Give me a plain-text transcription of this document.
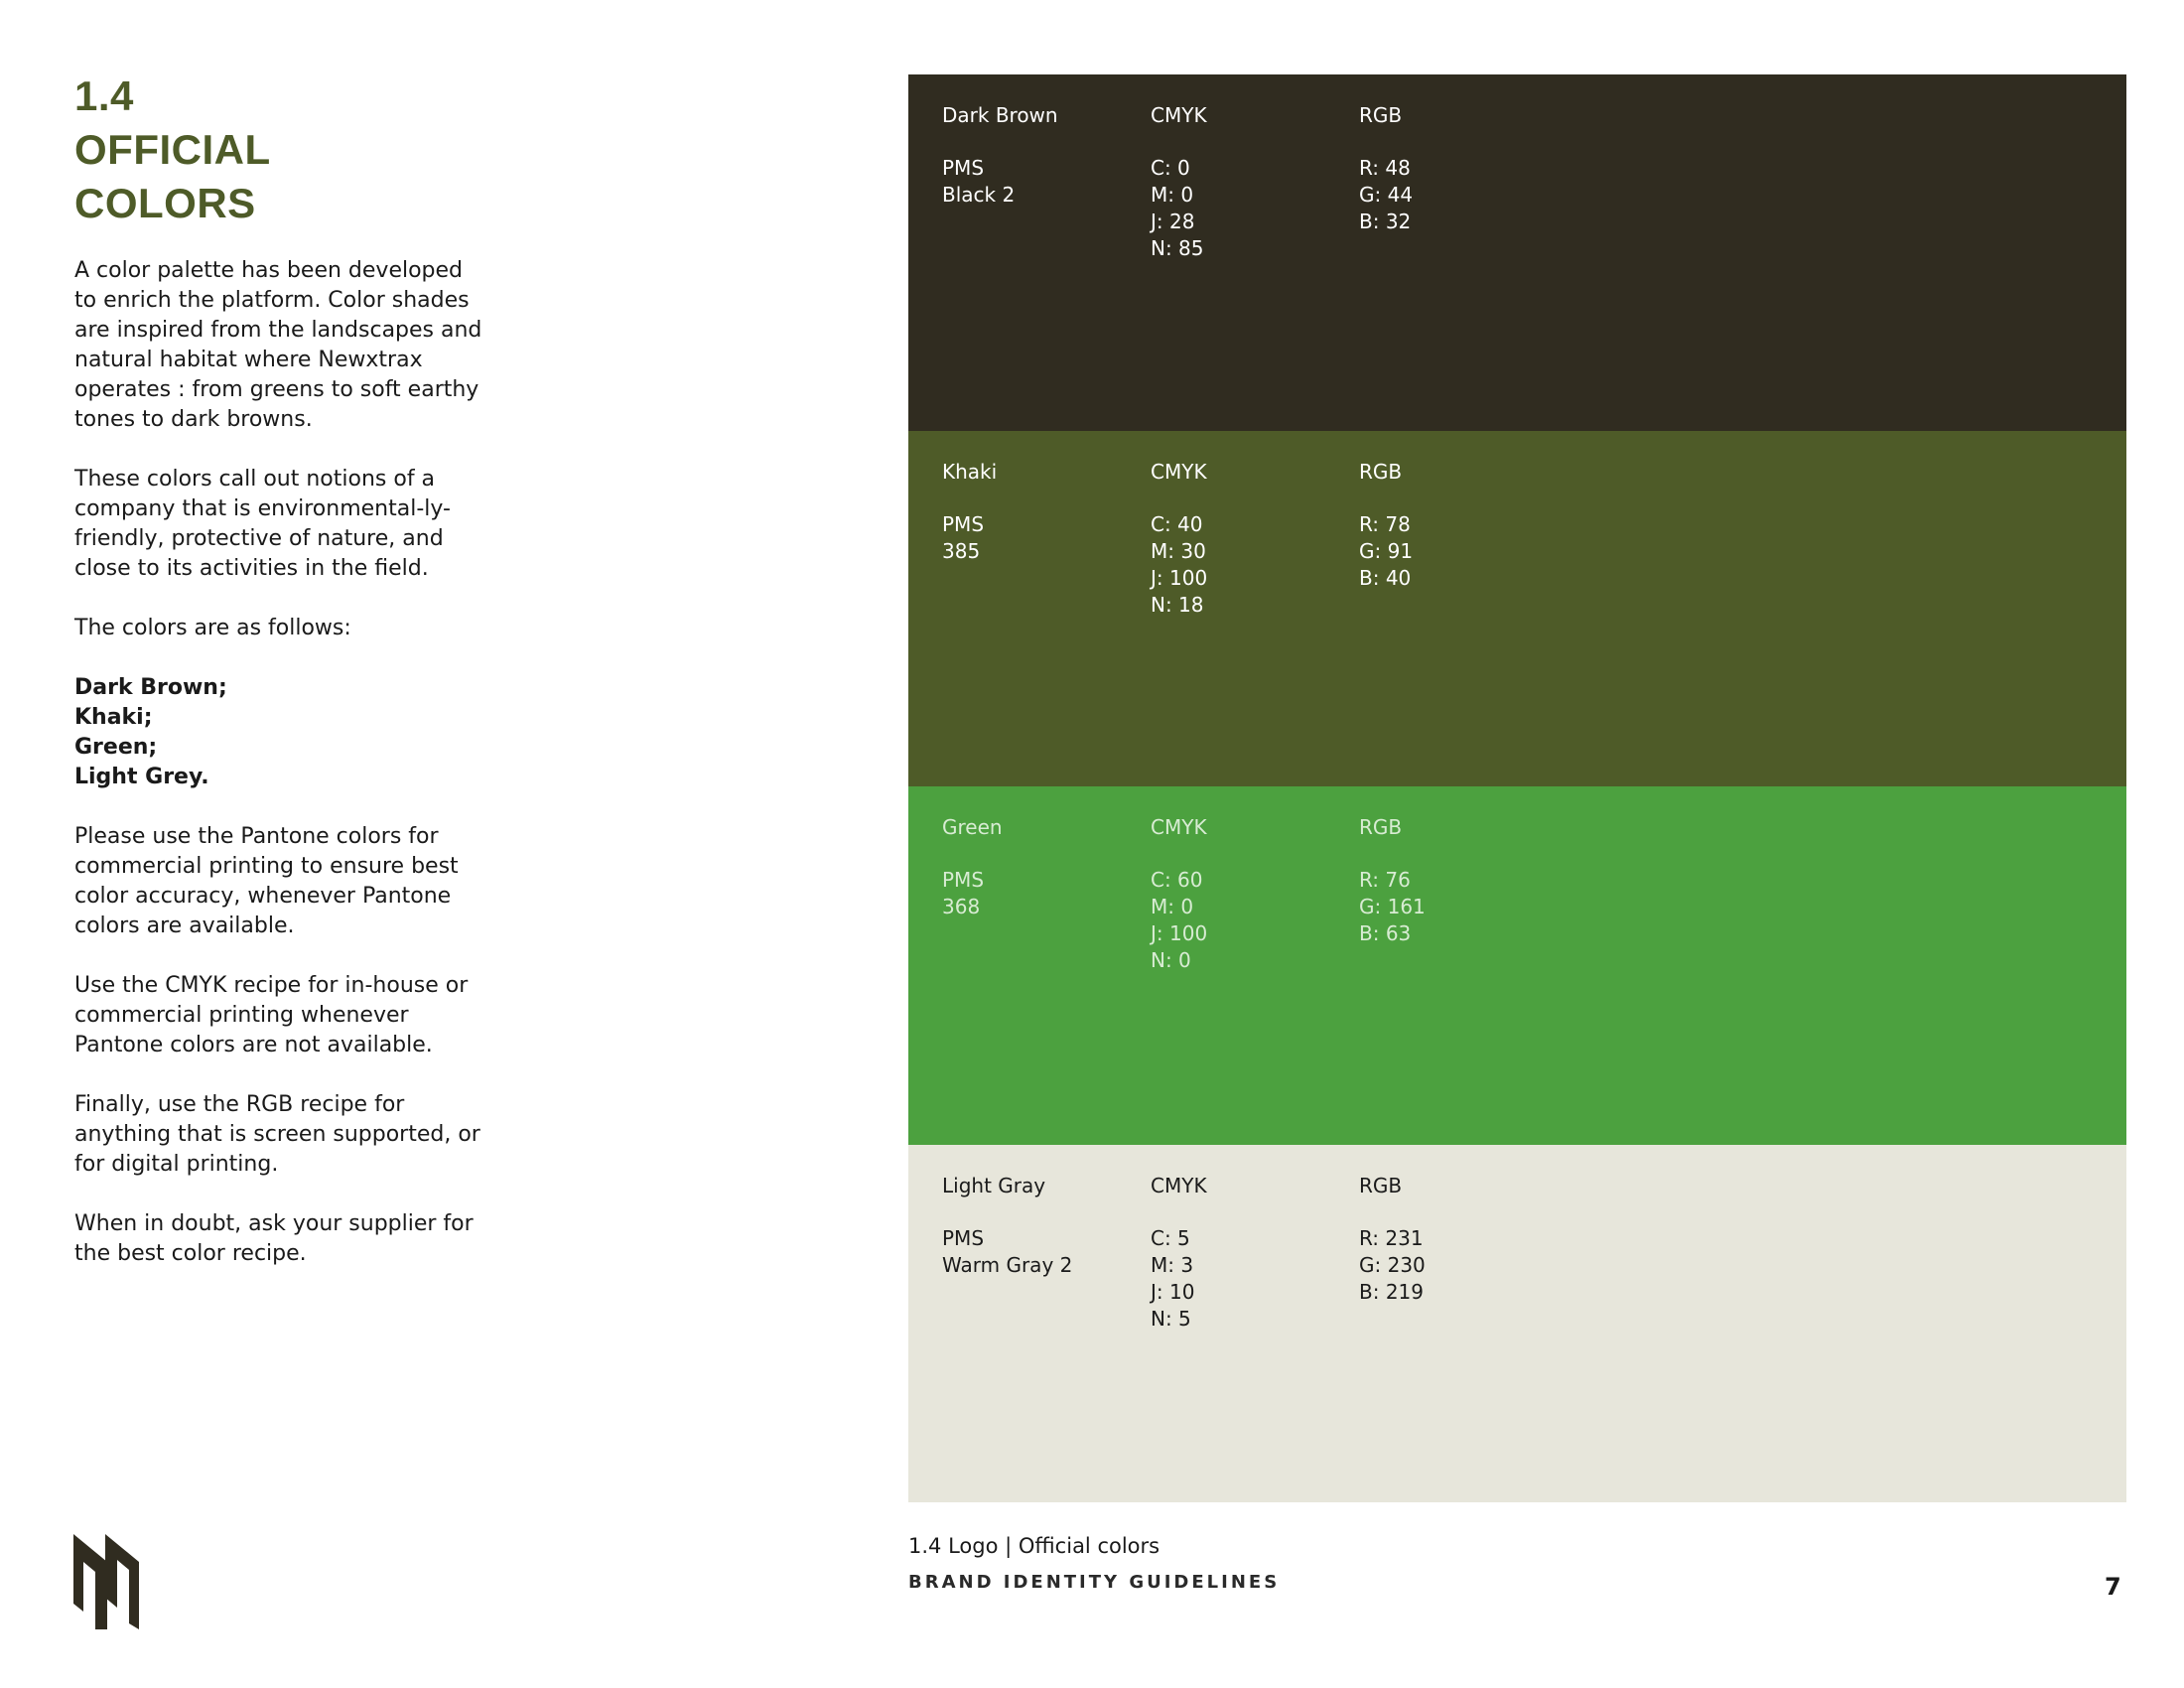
1.4
OFFICIAL
COLORS

A color palette has been developed to enrich the platform. Color shades are inspired from the landscapes and natural habitat where Newxtrax operates : from greens to soft earthy tones to dark browns.

These colors call out notions of a company that is environmental-ly-friendly, protective of nature, and close to its activities in the field.

The colors are as follows:

Dark Brown;
Khaki;
Green;
Light Grey.

Please use the Pantone colors for commercial printing to ensure best color accuracy, whenever Pantone colors are available.

Use the CMYK recipe for in-house or commercial printing whenever Pantone colors are not available.

Finally, use the RGB recipe for anything that is screen supported, or for digital printing.

When in doubt, ask your supplier for the best color recipe.

Dark Brown
PMS
Black 2
CMYK
C: 0
M: 0
J: 28
N: 85
RGB
R: 48
G: 44
B: 32
Khaki
PMS
385
CMYK
C: 40
M: 30
J: 100
N: 18
RGB
R: 78
G: 91
B: 40
Green
PMS
368
CMYK
C: 60
M: 0
J: 100
N: 0
RGB
R: 76
G: 161
B: 63
Light Gray
PMS
Warm Gray 2
CMYK
C: 5
M: 3
J: 10
N: 5
RGB
R: 231
G: 230
B: 219
1.4 Logo | Official colors
BRAND IDENTITY GUIDELINES	7
